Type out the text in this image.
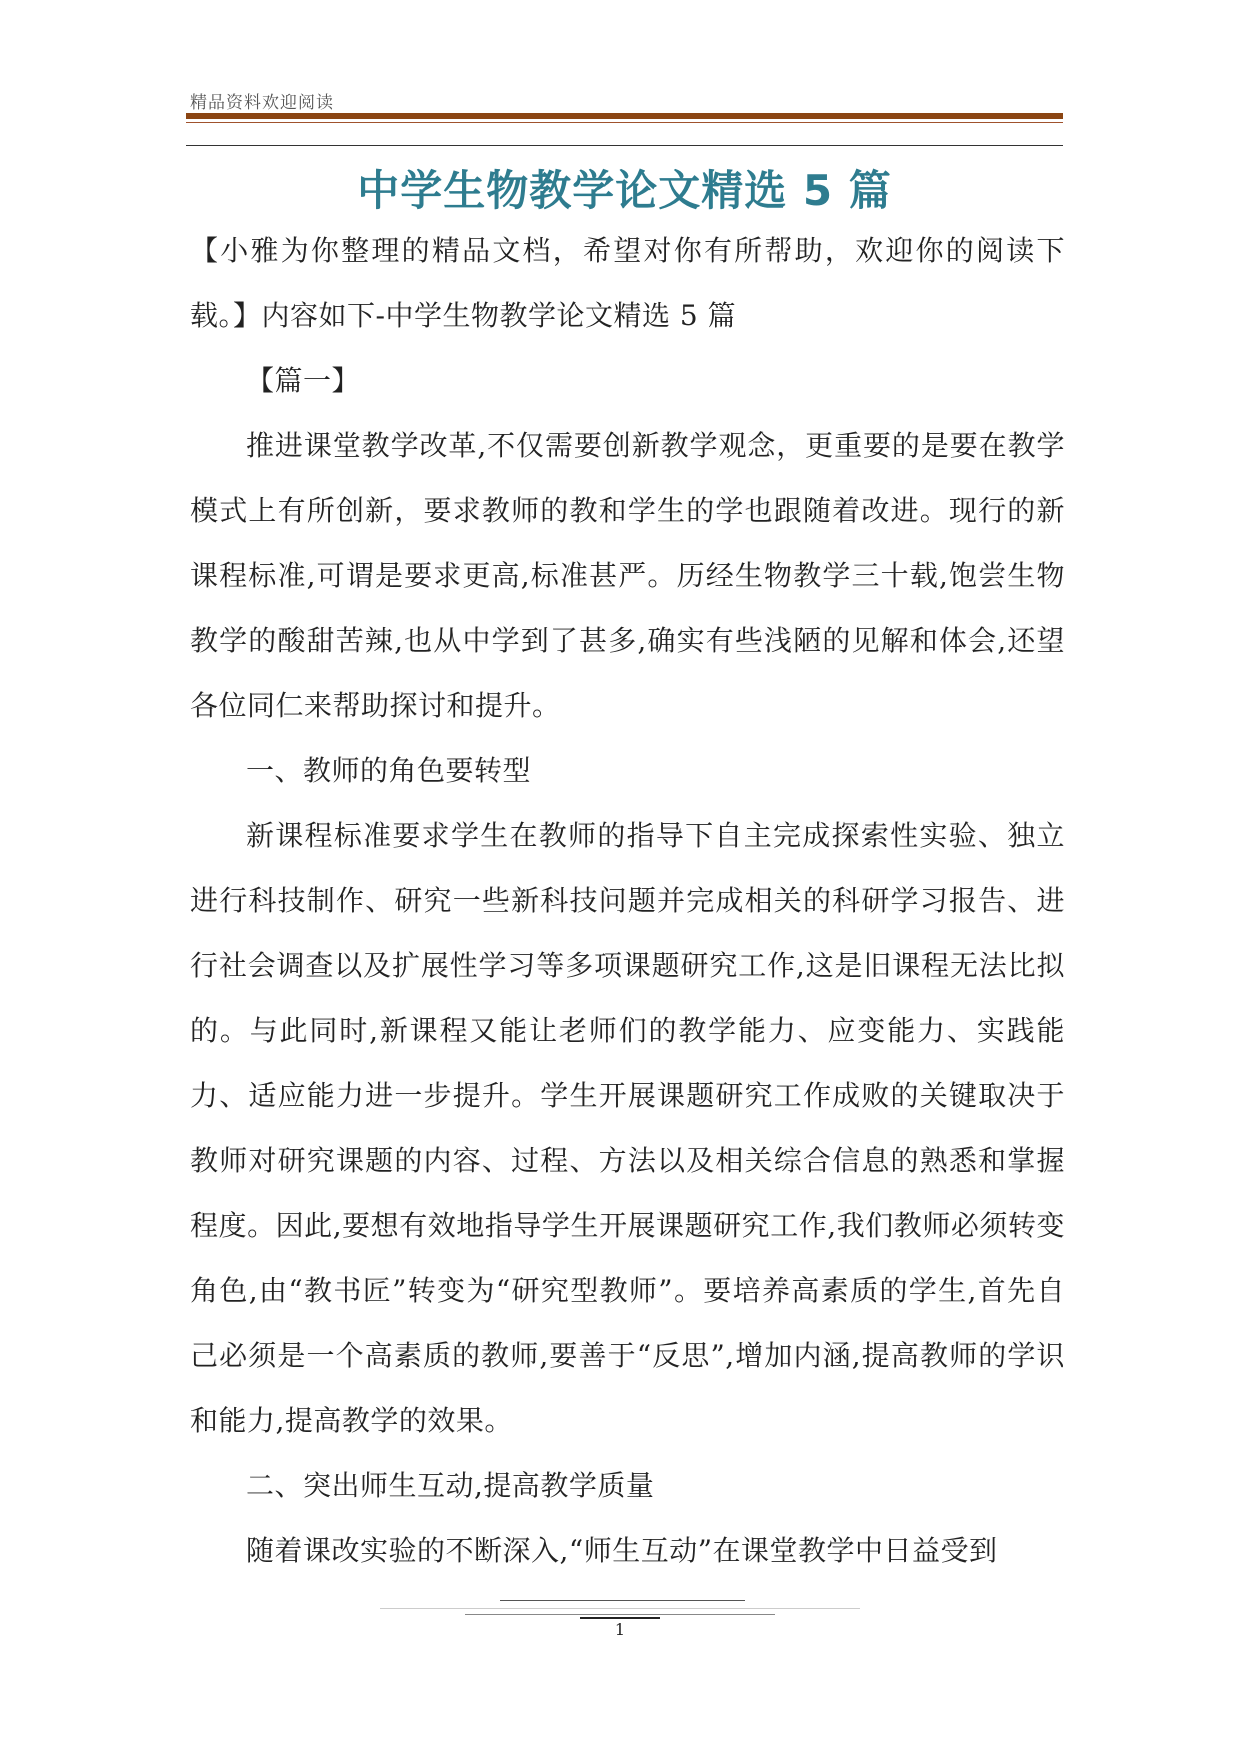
精品资料欢迎阅读
中学生物教学论文精选 5 篇

【小雅为你整理的精品文档，希望对你有所帮助，欢迎你的阅读下载。】内容如下-中学生物教学论文精选 5 篇

【篇一】

推进课堂教学改革,不仅需要创新教学观念，更重要的是要在教学模式上有所创新，要求教师的教和学生的学也跟随着改进。现行的新课程标准,可谓是要求更高,标准甚严。历经生物教学三十载,饱尝生物教学的酸甜苦辣,也从中学到了甚多,确实有些浅陋的见解和体会,还望各位同仁来帮助探讨和提升。

一、教师的角色要转型

新课程标准要求学生在教师的指导下自主完成探索性实验、独立进行科技制作、研究一些新科技问题并完成相关的科研学习报告、进行社会调查以及扩展性学习等多项课题研究工作,这是旧课程无法比拟的。与此同时,新课程又能让老师们的教学能力、应变能力、实践能力、适应能力进一步提升。学生开展课题研究工作成败的关键取决于教师对研究课题的内容、过程、方法以及相关综合信息的熟悉和掌握程度。因此,要想有效地指导学生开展课题研究工作,我们教师必须转变角色,由“教书匠”转变为“研究型教师”。要培养高素质的学生,首先自己必须是一个高素质的教师,要善于“反思”,增加内涵,提高教师的学识和能力,提高教学的效果。

二、突出师生互动,提高教学质量

随着课改实验的不断深入,“师生互动”在课堂教学中日益受到

1
